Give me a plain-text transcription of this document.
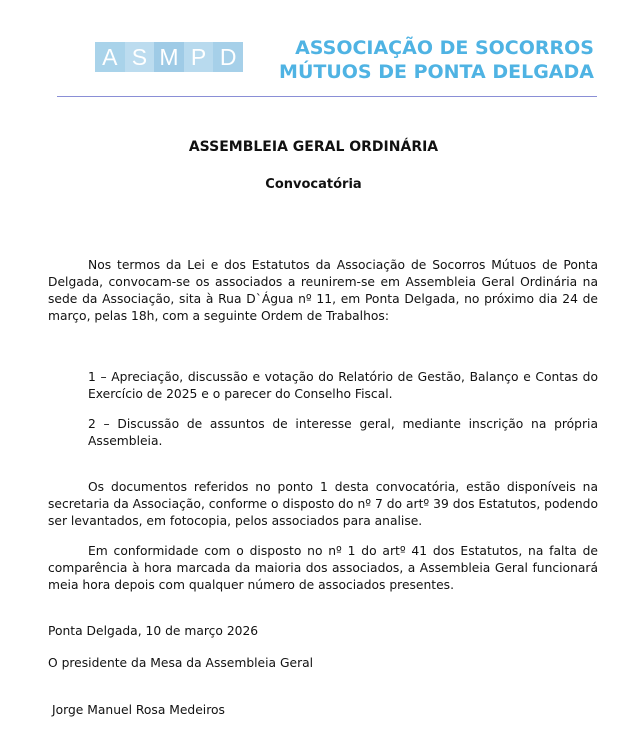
A S M P D	ASSOCIAÇÃO DE SOCORROS
MÚTUOS DE PONTA DELGADA
ASSEMBLEIA GERAL ORDINÁRIA
Convocatória
Nos termos da Lei e dos Estatutos da Associação de Socorros Mútuos de Ponta Delgada, convocam-se os associados a reunirem-se em Assembleia Geral Ordinária na sede da Associação, sita à Rua D`Água nº 11, em Ponta Delgada, no próximo dia 24 de março, pelas 18h, com a seguinte Ordem de Trabalhos:
1 – Apreciação, discussão e votação do Relatório de Gestão, Balanço e Contas do Exercício de 2025 e o parecer do Conselho Fiscal.
2 – Discussão de assuntos de interesse geral, mediante inscrição na própria Assembleia.
Os documentos referidos no ponto 1 desta convocatória, estão disponíveis na secretaria da Associação, conforme o disposto do nº 7 do artº 39 dos Estatutos, podendo ser levantados, em fotocopia, pelos associados para analise.
Em conformidade com o disposto no nº 1 do artº 41 dos Estatutos, na falta de comparência à hora marcada da maioria dos associados, a Assembleia Geral funcionará meia hora depois com qualquer número de associados presentes.
Ponta Delgada, 10 de março 2026
O presidente da Mesa da Assembleia Geral
Jorge Manuel Rosa Medeiros
